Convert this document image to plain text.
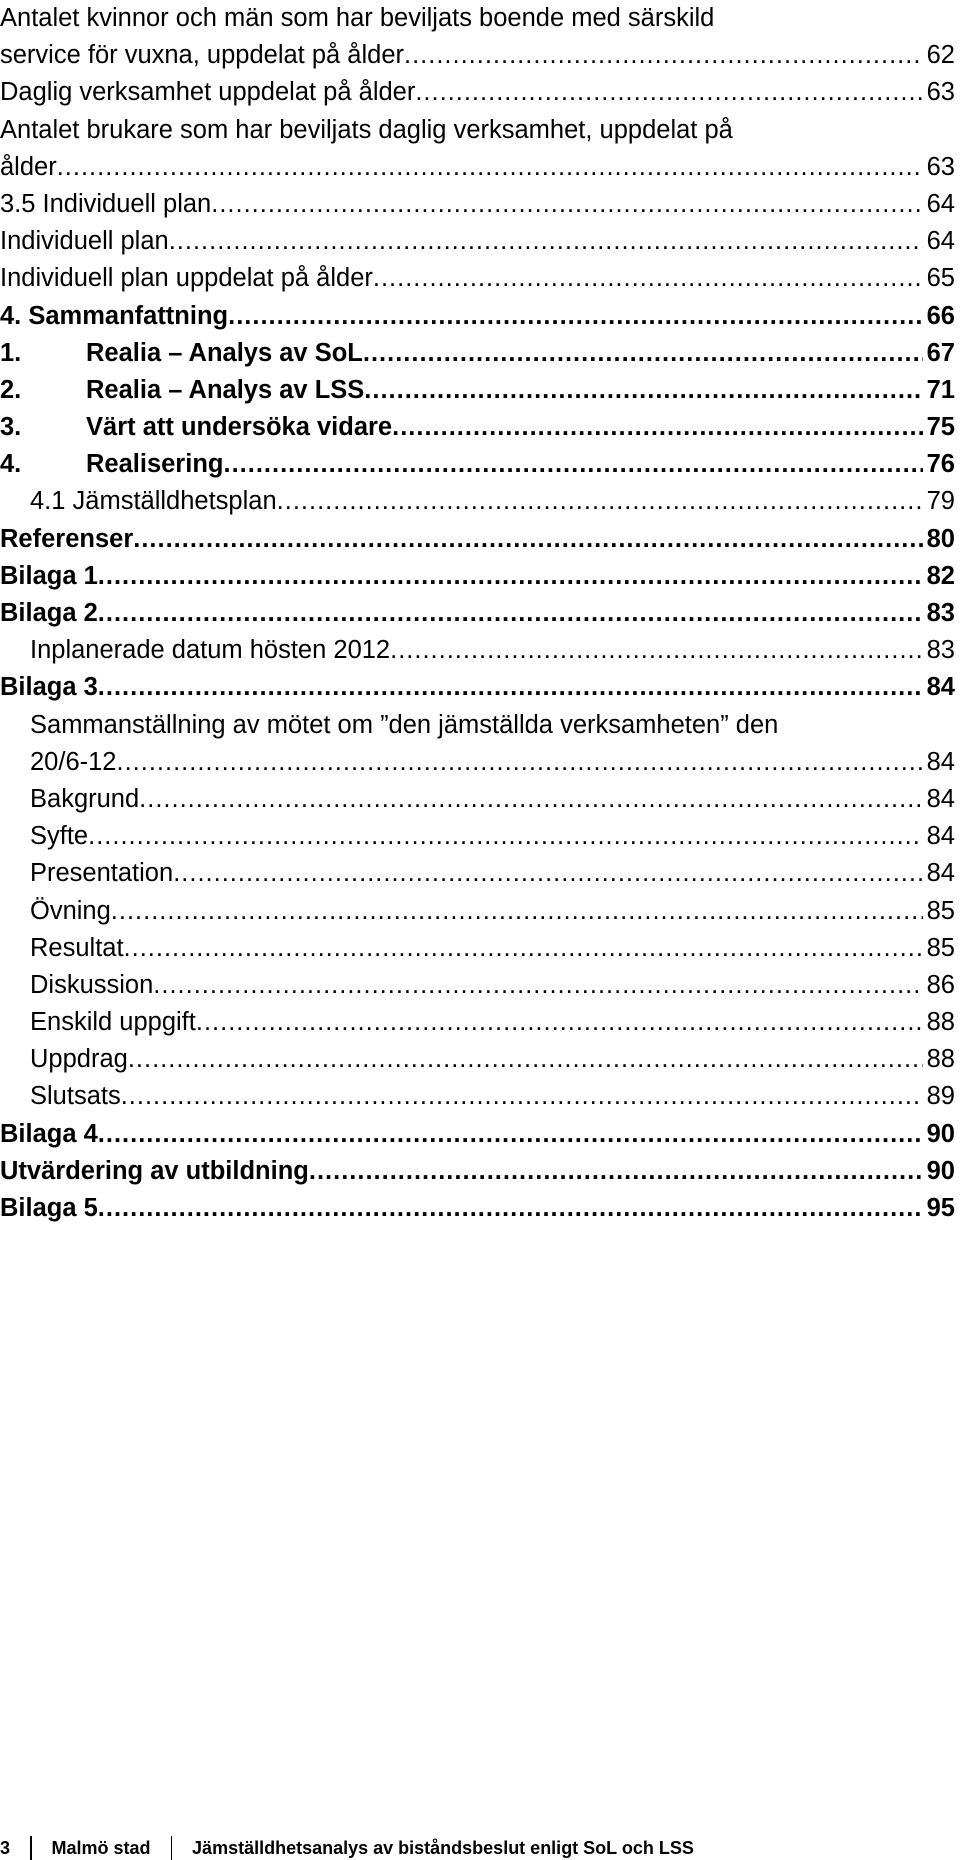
Antalet kvinnor och män som har beviljats boende med särskild
service för vuxna, uppdelat på ålder .....	62
Daglig verksamhet uppdelat på ålder .....	63
Antalet brukare som har beviljats daglig verksamhet, uppdelat på
ålder .....	63
3.5 Individuell plan .....	64
Individuell plan .....	64
Individuell plan uppdelat på ålder .....	65
4. Sammanfattning .....	66
1.	Realia – Analys av SoL .....	67
2.	Realia – Analys av LSS .....	71
3.	Värt att undersöka vidare .....	75
4.	Realisering .....	76
4.1 Jämställdhetsplan .....	79
Referenser .....	80
Bilaga 1 .....	82
Bilaga 2 .....	83
Inplanerade datum hösten 2012 .....	83
Bilaga 3 .....	84
Sammanställning av mötet om ”den jämställda verksamheten” den
20/6-12 .....	84
Bakgrund .....	84
Syfte .....	84
Presentation .....	84
Övning .....	85
Resultat .....	85
Diskussion .....	86
Enskild uppgift .....	88
Uppdrag .....	88
Slutsats .....	89
Bilaga 4 .....	90
Utvärdering av utbildning .....	90
Bilaga 5 .....	95
3 Malmö stad Jämställdhetsanalys av biståndsbeslut enligt SoL och LSS
